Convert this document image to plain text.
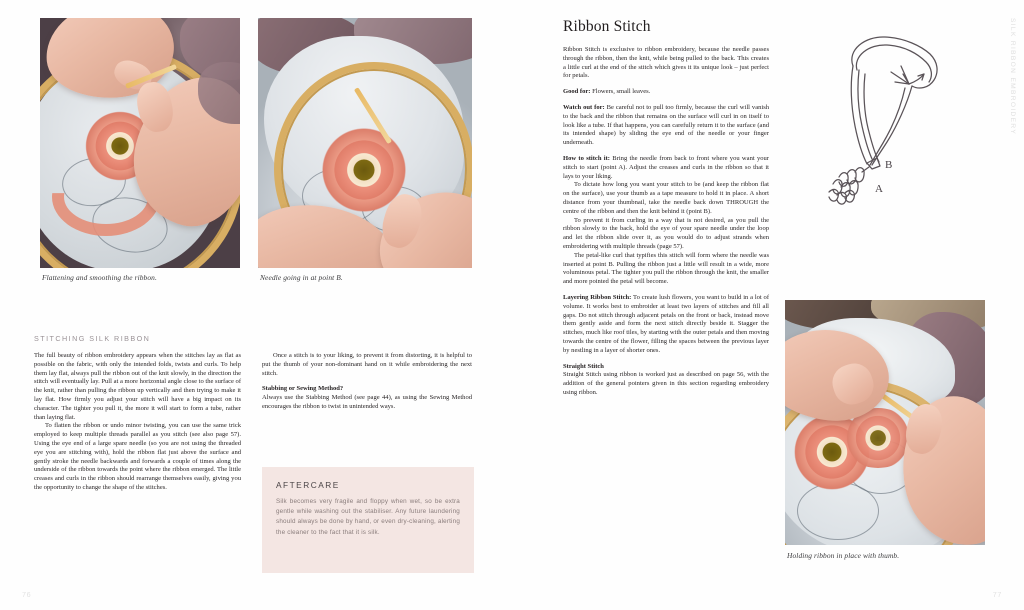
Flattening and smoothing the ribbon.	Needle going in at point B.
STITCHING SILK RIBBON

The full beauty of ribbon embroidery appears when the stitches lay as flat as possible on the fabric, with only the intended folds, twists and curls. To help them lay flat, always pull the ribbon out of the knit slowly, in the direction the stitch will eventually lay. Pull at a more horizontal angle close to the surface of the knit, rather than pulling the ribbon up vertically and then trying to make it lay flat. How firmly you adjust your stitch will have a big impact on its character. The tighter you pull it, the more it will start to form a tube, rather than laying flat.

To flatten the ribbon or undo minor twisting, you can use the same trick employed to keep multiple threads parallel as you stitch (see also page 57). Using the eye end of a large spare needle (so you are not using the threaded eye you are stitching with), hold the ribbon flat just above the surface and gently stroke the needle backwards and forwards a couple of times along the underside of the ribbon towards the point where the ribbon emerged. The little creases and curls in the ribbon should rearrange themselves easily, giving you the opportunity to change the shape of the stitches.

Once a stitch is to your liking, to prevent it from distorting, it is helpful to put the thumb of your non-dominant hand on it while embroidering the next stitch.

Stabbing or Sewing Method?

Always use the Stabbing Method (see page 44), as using the Sewing Method encourages the ribbon to twist in unintended ways.

AFTERCARE

Silk becomes very fragile and floppy when wet, so be extra gentle while washing out the stabiliser. Any future laundering should always be done by hand, or even dry-cleaning, alerting the cleaner to the fact that it is silk.

76
Ribbon Stitch

Ribbon Stitch is exclusive to ribbon embroidery, because the needle passes through the ribbon, then the knit, while being pulled to the back. This creates a little curl at the end of the stitch which gives it its unique look – just perfect for petals.

Good for: Flowers, small leaves.

Watch out for: Be careful not to pull too firmly, because the curl will vanish to the back and the ribbon that remains on the surface will curl in on itself to look like a tube. If that happens, you can carefully return it to the surface (and its intended shape) by sliding the eye end of the needle or your finger underneath.

How to stitch it: Bring the needle from back to front where you want your stitch to start (point A). Adjust the creases and curls in the ribbon so that it lays to your liking.

To dictate how long you want your stitch to be (and keep the ribbon flat on the surface), use your thumb as a tape measure to hold it in place. A short distance from your thumbnail, take the needle back down THROUGH the centre of the ribbon and then the knit behind it (point B).

To prevent it from curling in a way that is not desired, as you pull the ribbon slowly to the back, hold the eye of your spare needle under the loop and let the ribbon slide over it, as you would do to adjust strands when embroidering with multiple threads (page 57).

The petal-like curl that typifies this stitch will form where the needle was inserted at point B. Pulling the ribbon just a little will result in a wide, more voluminous petal. The tighter you pull the ribbon through the knit, the smaller and more pointed the petal will become.

Layering Ribbon Stitch: To create lush flowers, you want to build in a lot of volume. It works best to embroider at least two layers of stitches and fill all gaps. Do not stitch through adjacent petals on the front or back, instead move them gently aside and form the next stitch directly beside it. Stagger the stitches, much like roof tiles, by starting with the outer petals and then moving towards the centre of the flower, filling the spaces between the previous layer by nestling in a layer of shorter ones.

Straight Stitch

Straight Stitch using ribbon is worked just as described on page 56, with the addition of the general pointers given in this section regarding embroidery using ribbon.

B
A
Holding ribbon in place with thumb.
SILK RIBBON EMBROIDERY
77
